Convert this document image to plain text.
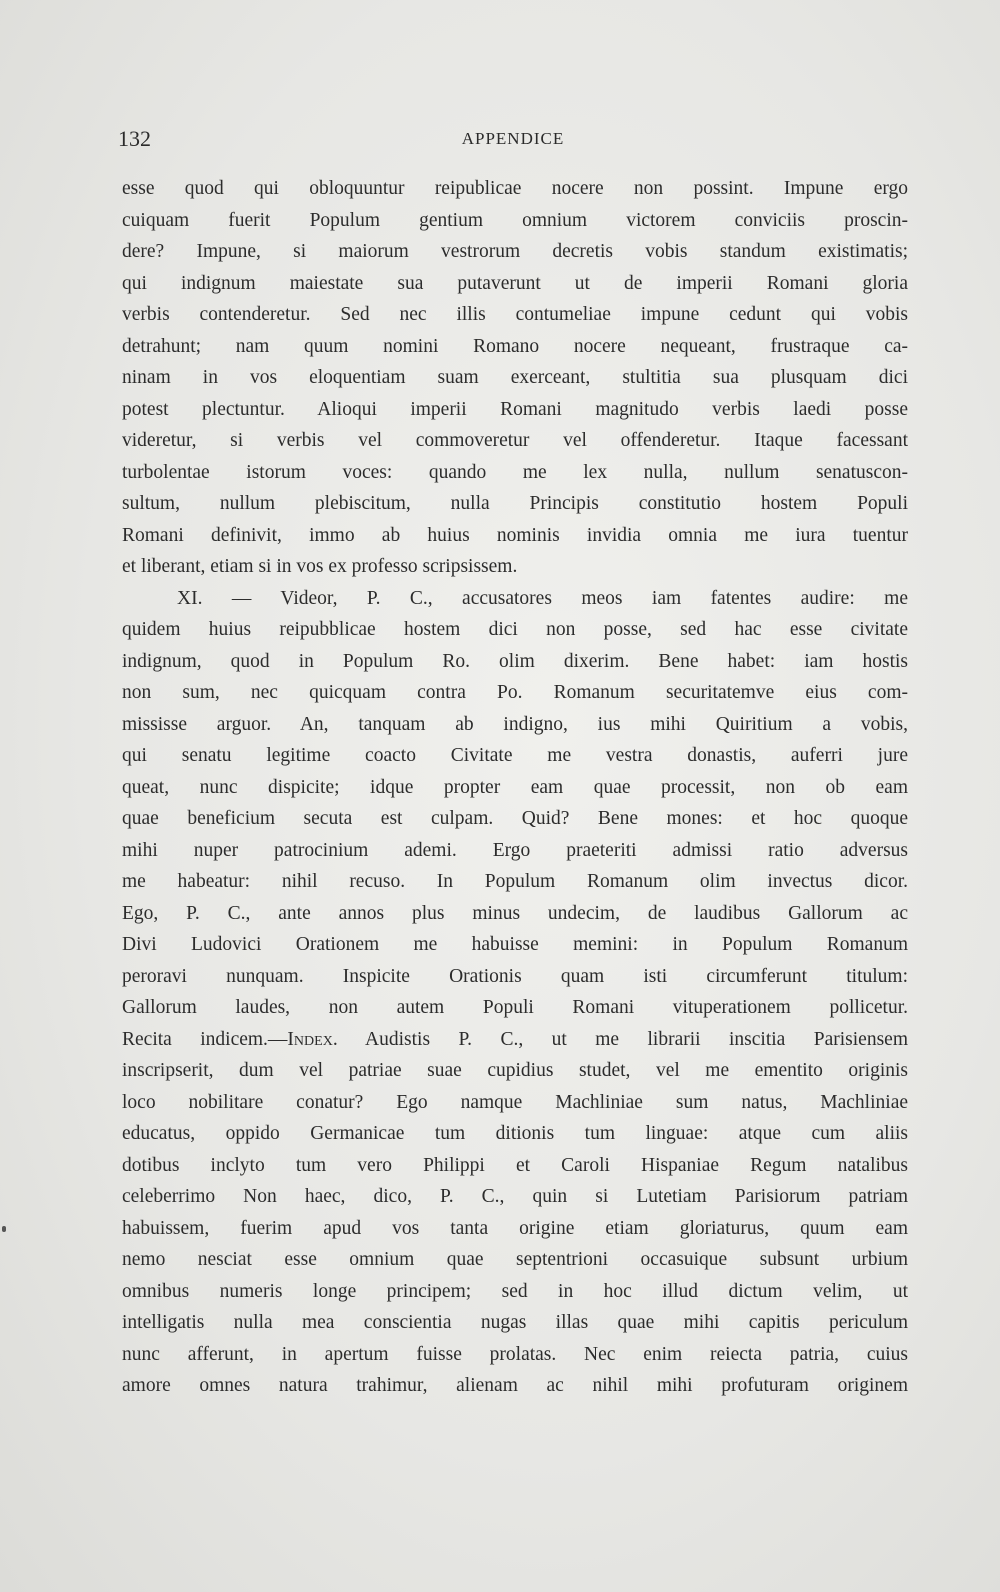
132	APPENDICE
esse quod qui obloquuntur reipublicae nocere non possint. Impune ergo
cuiquam fuerit Populum gentium omnium victorem conviciis proscin-
dere? Impune, si maiorum vestrorum decretis vobis standum existimatis;
qui indignum maiestate sua putaverunt ut de imperii Romani gloria
verbis contenderetur. Sed nec illis contumeliae impune cedunt qui vobis
detrahunt; nam quum nomini Romano nocere nequeant, frustraque ca-
ninam in vos eloquentiam suam exerceant, stultitia sua plusquam dici
potest plectuntur. Alioqui imperii Romani magnitudo verbis laedi posse
videretur, si verbis vel commoveretur vel offenderetur. Itaque facessant
turbolentae istorum voces: quando me lex nulla, nullum senatuscon-
sultum, nullum plebiscitum, nulla Principis constitutio hostem Populi
Romani definivit, immo ab huius nominis invidia omnia me iura tuentur
et liberant, etiam si in vos ex professo scripsissem.
XI. — Videor, P. C., accusatores meos iam fatentes audire: me
quidem huius reipubblicae hostem dici non posse, sed hac esse civitate
indignum, quod in Populum Ro. olim dixerim. Bene habet: iam hostis
non sum, nec quicquam contra Po. Romanum securitatemve eius com-
mississe arguor. An, tanquam ab indigno, ius mihi Quiritium a vobis,
qui senatu legitime coacto Civitate me vestra donastis, auferri jure
queat, nunc dispicite; idque propter eam quae processit, non ob eam
quae beneficium secuta est culpam. Quid? Bene mones: et hoc quoque
mihi nuper patrocinium ademi. Ergo praeteriti admissi ratio adversus
me habeatur: nihil recuso. In Populum Romanum olim invectus dicor.
Ego, P. C., ante annos plus minus undecim, de laudibus Gallorum ac
Divi Ludovici Orationem me habuisse memini: in Populum Romanum
peroravi nunquam. Inspicite Orationis quam isti circumferunt titulum:
Gallorum laudes, non autem Populi Romani vituperationem pollicetur.
Recita indicem.—Index. Audistis P. C., ut me librarii inscitia Parisiensem
inscripserit, dum vel patriae suae cupidius studet, vel me ementito originis
loco nobilitare conatur? Ego namque Machliniae sum natus, Machliniae
educatus, oppido Germanicae tum ditionis tum linguae: atque cum aliis
dotibus inclyto tum vero Philippi et Caroli Hispaniae Regum natalibus
celeberrimo Non haec, dico, P. C., quin si Lutetiam Parisiorum patriam
habuissem, fuerim apud vos tanta origine etiam gloriaturus, quum eam
nemo nesciat esse omnium quae septentrioni occasuique subsunt urbium
omnibus numeris longe principem; sed in hoc illud dictum velim, ut
intelligatis nulla mea conscientia nugas illas quae mihi capitis periculum
nunc afferunt, in apertum fuisse prolatas. Nec enim reiecta patria, cuius
amore omnes natura trahimur, alienam ac nihil mihi profuturam originem
